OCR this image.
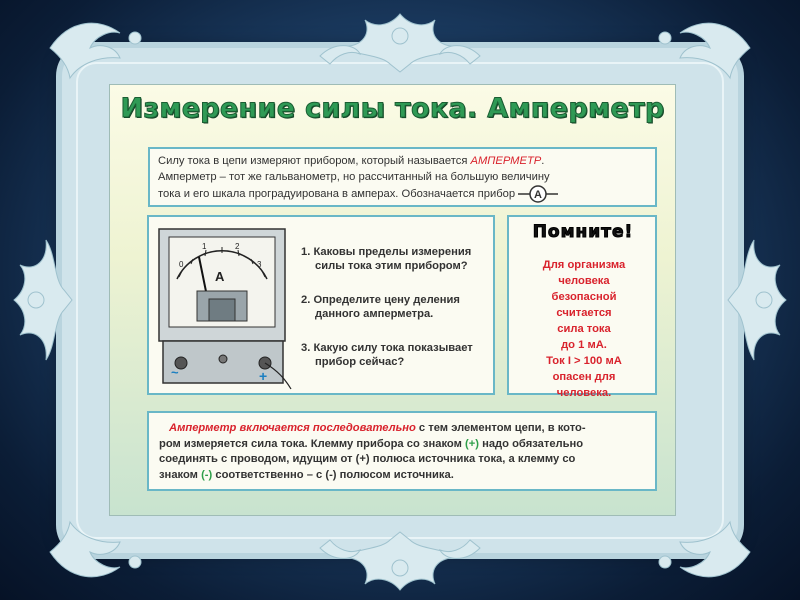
Измерение силы тока. Амперметр
Силу тока в цепи измеряют прибором, который называется АМПЕРМЕТР.
Амперметр – тот же гальванометр, но рассчитанный на большую величину
тока и его шкала проградуирована в амперах. Обозначается прибор А
0
1	2
3
A
~	+
1. Каковы пределы измерения
силы тока этим прибором?
2. Определите цену деления
данного амперметра.
3. Какую силу тока показывает
прибор сейчас?
Помните!
Для организма
человека
безопасной
считается
сила тока
до 1 мА.
Ток I > 100 мА
опасен для
человека.

Амперметр включается последовательно с тем элементом цепи, в кото-

ром измеряется сила тока. Клемму прибора со знаком (+) надо обязательно

соединять с проводом, идущим от (+) полюса источника тока, а клемму со

знаком (-) соответственно – с (-) полюсом источника.
